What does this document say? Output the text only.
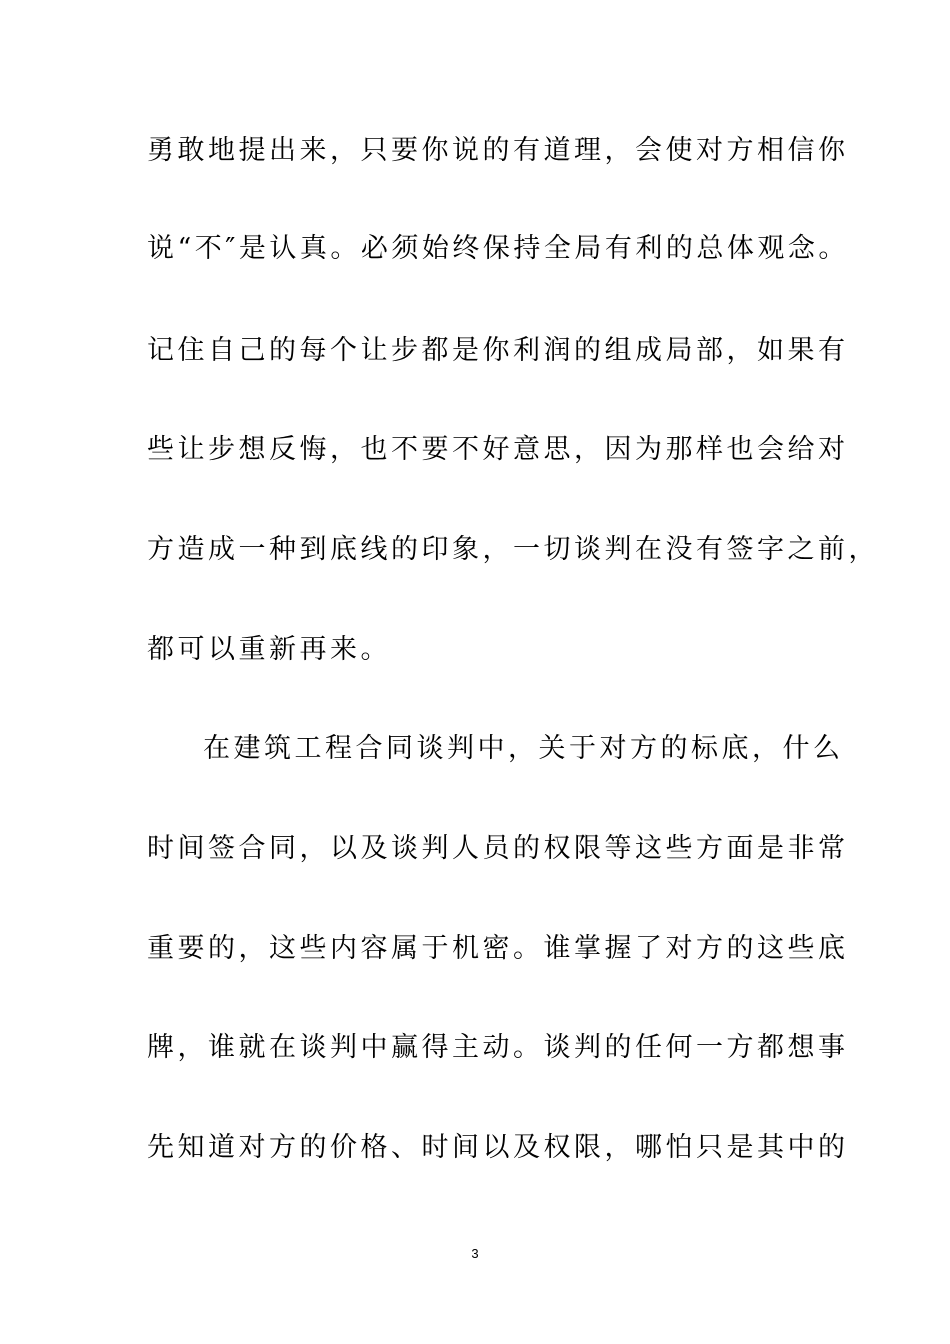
勇敢地提出来，只要你说的有道理，会使对方相信你
说“不″是认真。必须始终保持全局有利的总体观念。
记住自己的每个让步都是你利润的组成局部，如果有
些让步想反悔，也不要不好意思，因为那样也会给对
方造成一种到底线的印象，一切谈判在没有签字之前，
都可以重新再来。
在建筑工程合同谈判中，关于对方的标底，什么
时间签合同，以及谈判人员的权限等这些方面是非常
重要的，这些内容属于机密。谁掌握了对方的这些底
牌，谁就在谈判中赢得主动。谈判的任何一方都想事
先知道对方的价格、时间以及权限，哪怕只是其中的
3
